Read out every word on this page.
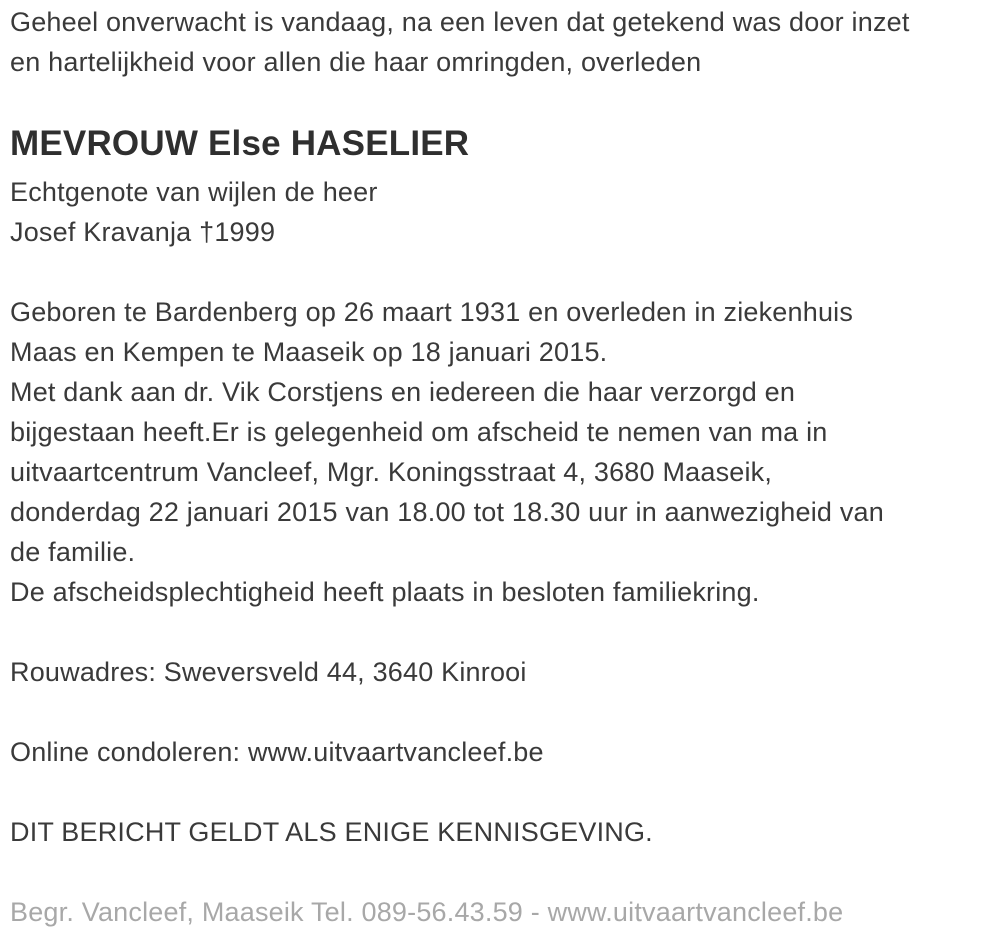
Geheel onverwacht is vandaag, na een leven dat getekend was door inzet
en hartelijkheid voor allen die haar omringden, overleden
MEVROUW Else HASELIER
Echtgenote van wijlen de heer
Josef Kravanja †1999
Geboren te Bardenberg op 26 maart 1931 en overleden in ziekenhuis
Maas en Kempen te Maaseik op 18 januari 2015.
Met dank aan dr. Vik Corstjens en iedereen die haar verzorgd en
bijgestaan heeft.Er is gelegenheid om afscheid te nemen van ma in
uitvaartcentrum Vancleef, Mgr. Koningsstraat 4, 3680 Maaseik,
donderdag 22 januari 2015 van 18.00 tot 18.30 uur in aanwezigheid van
de familie.
De afscheidsplechtigheid heeft plaats in besloten familiekring.
Rouwadres: Sweversveld 44, 3640 Kinrooi
Online condoleren: www.uitvaartvancleef.be
DIT BERICHT GELDT ALS ENIGE KENNISGEVING.
Begr. Vancleef, Maaseik Tel. 089-56.43.59 - www.uitvaartvancleef.be
